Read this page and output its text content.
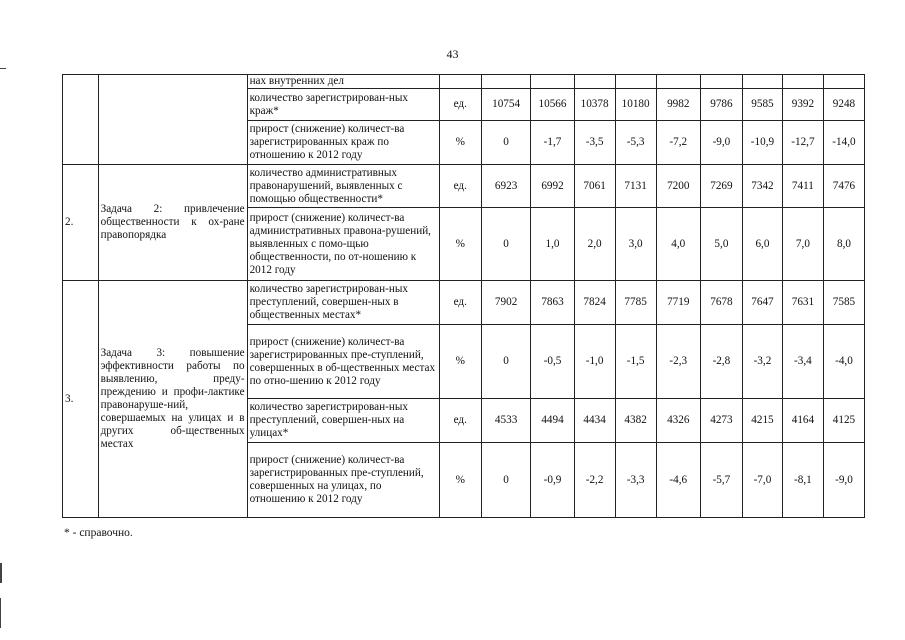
43
		нах внутренних дел										
		количество зарегистрирован-ных краж*	ед.	10754	10566	10378	10180	9982	9786	9585	9392	9248
		прирост (снижение) количест-ва зарегистрированных краж по отношению к 2012 году	%	0	-1,7	-3,5	-5,3	-7,2	-9,0	-10,9	-12,7	-14,0
2.	Задача 2: привлечение общественности к ох-ране правопорядка	количество административных правонарушений, выявленных с помощью общественности*	ед.	6923	6992	7061	7131	7200	7269	7342	7411	7476
		прирост (снижение) количест-ва административных правона-рушений, выявленных с помо-щью общественности, по от-ношению к 2012 году	%	0	1,0	2,0	3,0	4,0	5,0	6,0	7,0	8,0
3.	Задача 3: повышение эффективности работы по выявлению, преду-преждению и профи-лактике правонаруше-ний, совершаемых на улицах и в других об-щественных местах	количество зарегистрирован-ных преступлений, совершен-ных в общественных местах*	ед.	7902	7863	7824	7785	7719	7678	7647	7631	7585
		прирост (снижение) количест-ва зарегистрированных пре-ступлений, совершенных в об-щественных местах по отно-шению к 2012 году	%	0	-0,5	-1,0	-1,5	-2,3	-2,8	-3,2	-3,4	-4,0
		количество зарегистрирован-ных преступлений, совершен-ных на улицах*	ед.	4533	4494	4434	4382	4326	4273	4215	4164	4125
		прирост (снижение) количест-ва зарегистрированных пре-ступлений, совершенных на улицах, по отношению к 2012 году	%	0	-0,9	-2,2	-3,3	-4,6	-5,7	-7,0	-8,1	-9,0
* - справочно.
